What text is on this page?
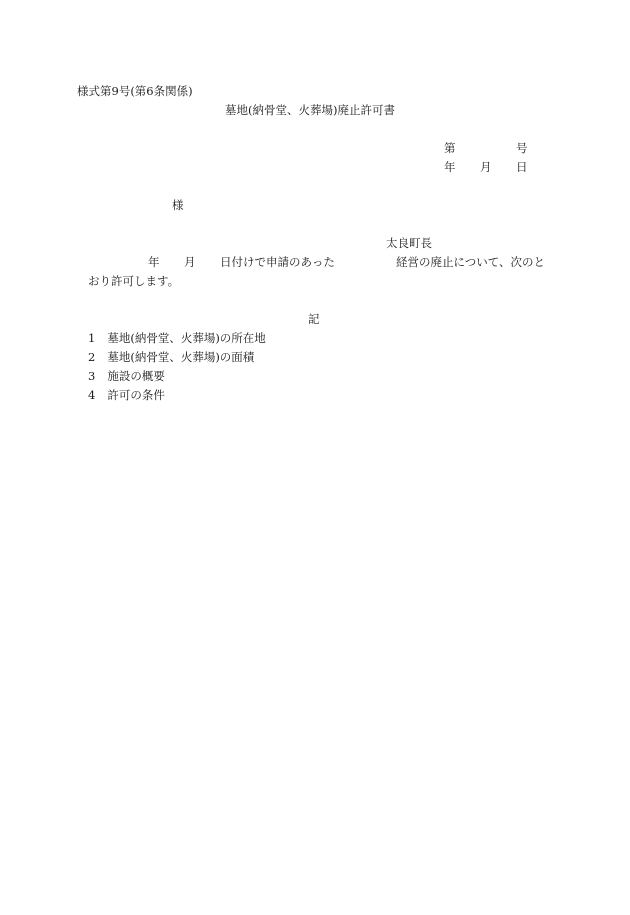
様式第9号(第6条関係)
墓地(納骨堂、火葬場)廃止許可書
第	号
年 月 日
様
太良町長
年 月 日付けで申請のあった	経営の廃止について、次のと
おり許可します。
記
1 墓地(納骨堂、火葬場)の所在地
2 墓地(納骨堂、火葬場)の面積
3 施設の概要
4 許可の条件
